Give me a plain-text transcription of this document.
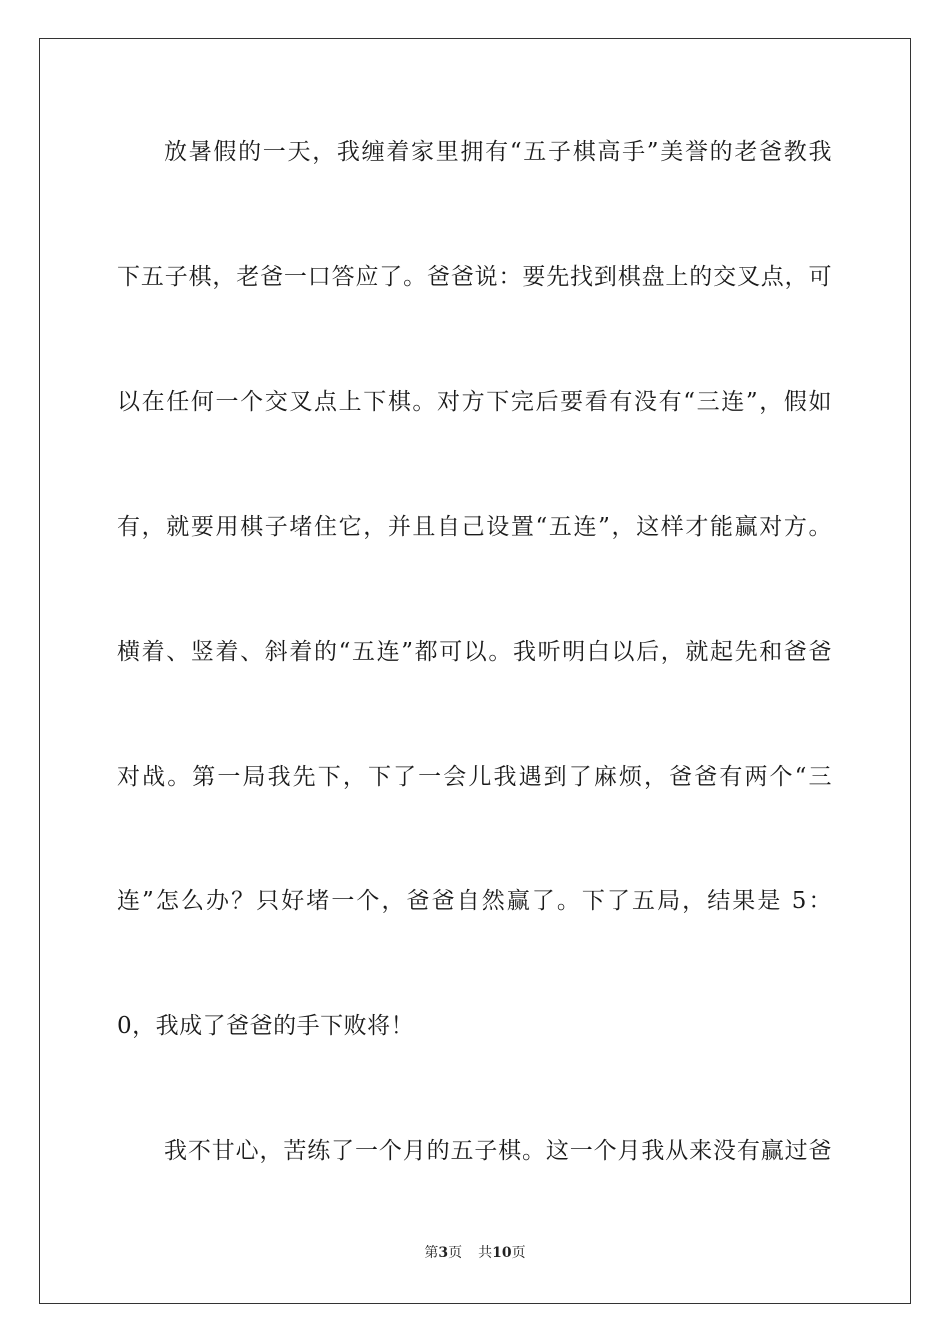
放暑假的一天，我缠着家里拥有“五子棋高手”美誉的老爸教我
下五子棋，老爸一口答应了。爸爸说：要先找到棋盘上的交叉点，可
以在任何一个交叉点上下棋。对方下完后要看有没有“三连”，假如
有，就要用棋子堵住它，并且自己设置“五连”，这样才能赢对方。
横着、竖着、斜着的“五连”都可以。我听明白以后，就起先和爸爸
对战。第一局我先下，下了一会儿我遇到了麻烦，爸爸有两个“三
连”怎么办？只好堵一个，爸爸自然赢了。下了五局，结果是 5：
0，我成了爸爸的手下败将！
我不甘心，苦练了一个月的五子棋。这一个月我从来没有赢过爸
第3页 共10页
